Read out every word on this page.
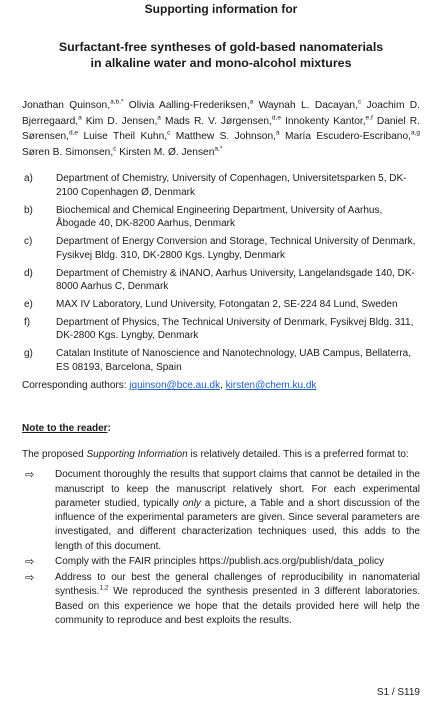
Supporting information for
Surfactant-free syntheses of gold-based nanomaterials
in alkaline water and mono-alcohol mixtures
Jonathan Quinson,$^{a,b,*}$ Olivia Aalling-Frederiksen,$^a$ Waynah L. Dacayan,$^c$ Joachim D. Bjerregaard,$^a$ Kim D. Jensen,$^a$ Mads R. V. Jørgensen,$^{d,e}$ Innokenty Kantor,$^{e,f}$ Daniel R. Sørensen,$^{d,e}$ Luise Theil Kuhn,$^c$ Matthew S. Johnson,$^a$ María Escudero-Escribano,$^{a,g}$ Søren B. Simonsen,$^c$ Kirsten M. Ø. Jensen$^{a,*}$
a)	Department of Chemistry, University of Copenhagen, Universitetsparken 5, DK-2100 Copenhagen Ø, Denmark
b)	Biochemical and Chemical Engineering Department, University of Aarhus, Åbogade 40, DK-8200 Aarhus, Denmark
c)	Department of Energy Conversion and Storage, Technical University of Denmark, Fysikvej Bldg. 310, DK-2800 Kgs. Lyngby, Denmark
d)	Department of Chemistry & iNANO, Aarhus University, Langelandsgade 140, DK-8000 Aarhus C, Denmark
e)	MAX IV Laboratory, Lund University, Fotongatan 2, SE-224 84 Lund, Sweden
f)	Department of Physics, The Technical University of Denmark, Fysikvej Bldg. 311, DK-2800 Kgs. Lyngby, Denmark
g)	Catalan Institute of Nanoscience and Nanotechnology, UAB Campus, Bellaterra, ES 08193, Barcelona, Spain
Corresponding authors: jquinson@bce.au.dk, kirsten@chem.ku.dk
Note to the reader:
The proposed Supporting Information is relatively detailed. This is a preferred format to:
⇨ Document thoroughly the results that support claims that cannot be detailed in the manuscript to keep the manuscript relatively short. For each experimental parameter studied, typically only a picture, a Table and a short discussion of the influence of the experimental parameters are given. Since several parameters are investigated, and different characterization techniques used, this adds to the length of this document.
⇨ Comply with the FAIR principles https://publish.acs.org/publish/data_policy
⇨ Address to our best the general challenges of reproducibility in nanomaterial synthesis.$^{1,2}$ We reproduced the synthesis presented in 3 different laboratories. Based on this experience we hope that the details provided here will help the community to reproduce and best exploits the results.
S1 / S119
